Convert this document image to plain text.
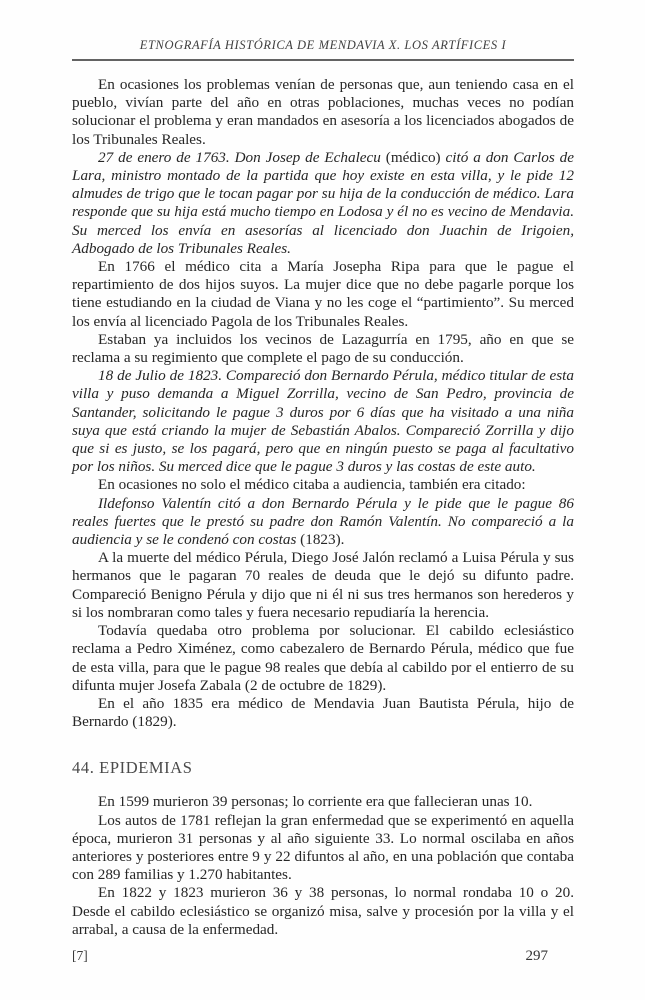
ETNOGRAFÍA HISTÓRICA DE MENDAVIA X. LOS ARTÍFICES I

En ocasiones los problemas venían de personas que, aun teniendo casa en el pueblo, vivían parte del año en otras poblaciones, muchas veces no podían solucionar el problema y eran mandados en asesoría a los licenciados abogados de los Tribunales Reales.

27 de enero de 1763. Don Josep de Echalecu (médico) citó a don Carlos de Lara, ministro montado de la partida que hoy existe en esta villa, y le pide 12 almudes de trigo que le tocan pagar por su hija de la conducción de médico. Lara responde que su hija está mucho tiempo en Lodosa y él no es vecino de Mendavia. Su merced los envía en asesorías al licenciado don Juachin de Irigoien, Adbogado de los Tribunales Reales.

En 1766 el médico cita a María Josepha Ripa para que le pague el repartimiento de dos hijos suyos. La mujer dice que no debe pagarle porque los tiene estudiando en la ciudad de Viana y no les coge el “partimiento”. Su merced los envía al licenciado Pagola de los Tribunales Reales.

Estaban ya incluidos los vecinos de Lazagurría en 1795, año en que se reclama a su regimiento que complete el pago de su conducción.

18 de Julio de 1823. Compareció don Bernardo Pérula, médico titular de esta villa y puso demanda a Miguel Zorrilla, vecino de San Pedro, provincia de Santander, solicitando le pague 3 duros por 6 días que ha visitado a una niña suya que está criando la mujer de Sebastián Abalos. Compareció Zorrilla y dijo que si es justo, se los pagará, pero que en ningún puesto se paga al facultativo por los niños. Su merced dice que le pague 3 duros y las costas de este auto.

En ocasiones no solo el médico citaba a audiencia, también era citado:

Ildefonso Valentín citó a don Bernardo Pérula y le pide que le pague 86 reales fuertes que le prestó su padre don Ramón Valentín. No compareció a la audiencia y se le condenó con costas (1823).

A la muerte del médico Pérula, Diego José Jalón reclamó a Luisa Pérula y sus hermanos que le pagaran 70 reales de deuda que le dejó su difunto padre. Compareció Benigno Pérula y dijo que ni él ni sus tres hermanos son herederos y si los nombraran como tales y fuera necesario repudiaría la herencia.

Todavía quedaba otro problema por solucionar. El cabildo eclesiástico reclama a Pedro Ximénez, como cabezalero de Bernardo Pérula, médico que fue de esta villa, para que le pague 98 reales que debía al cabildo por el entierro de su difunta mujer Josefa Zabala (2 de octubre de 1829).

En el año 1835 era médico de Mendavia Juan Bautista Pérula, hijo de Bernardo (1829).

44. EPIDEMIAS

En 1599 murieron 39 personas; lo corriente era que fallecieran unas 10.

Los autos de 1781 reflejan la gran enfermedad que se experimentó en aquella época, murieron 31 personas y al año siguiente 33. Lo normal oscilaba en años anteriores y posteriores entre 9 y 22 difuntos al año, en una población que contaba con 289 familias y 1.270 habitantes.

En 1822 y 1823 murieron 36 y 38 personas, lo normal rondaba 10 o 20. Desde el cabildo eclesiástico se organizó misa, salve y procesión por la villa y el arrabal, a causa de la enfermedad.

[7]	297
